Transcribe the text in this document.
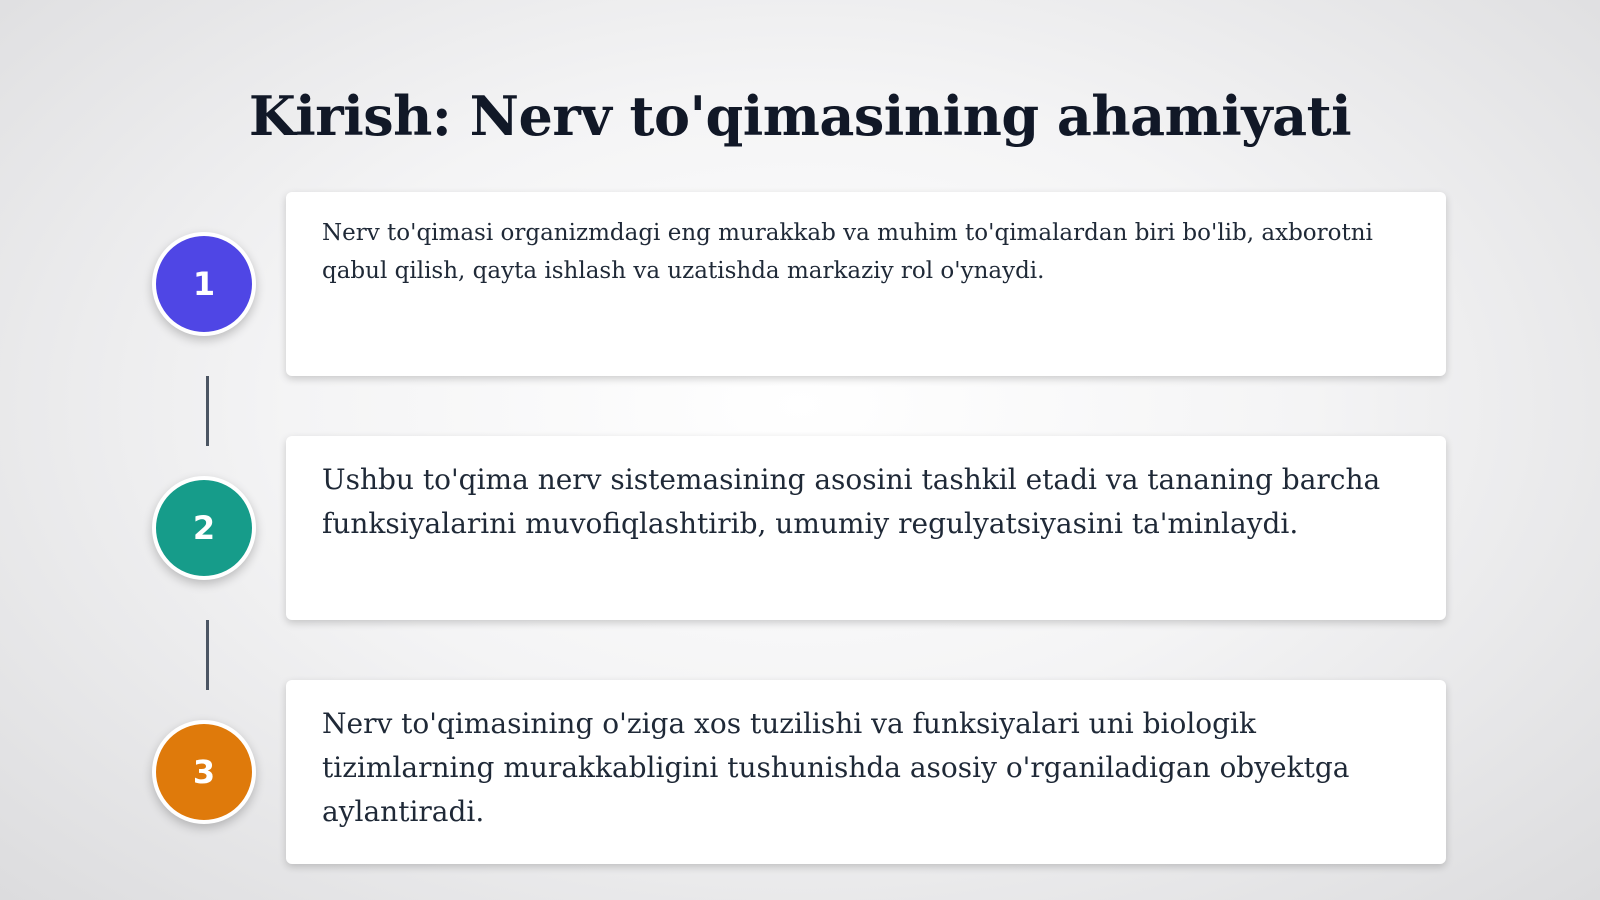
Kirish: Nerv to'qimasining ahamiyati
1

Nerv to'qimasi organizmdagi eng murakkab va muhim to'qimalardan biri bo'lib, axborotni qabul qilish, qayta ishlash va uzatishda markaziy rol o'ynaydi.

2

Ushbu to'qima nerv sistemasining asosini tashkil etadi va tananing barcha funksiyalarini muvofiqlashtirib, umumiy regulyatsiyasini ta'minlaydi.

3

Nerv to'qimasining o'ziga xos tuzilishi va funksiyalari uni biologik tizimlarning murakkabligini tushunishda asosiy o'rganiladigan obyektga aylantiradi.
